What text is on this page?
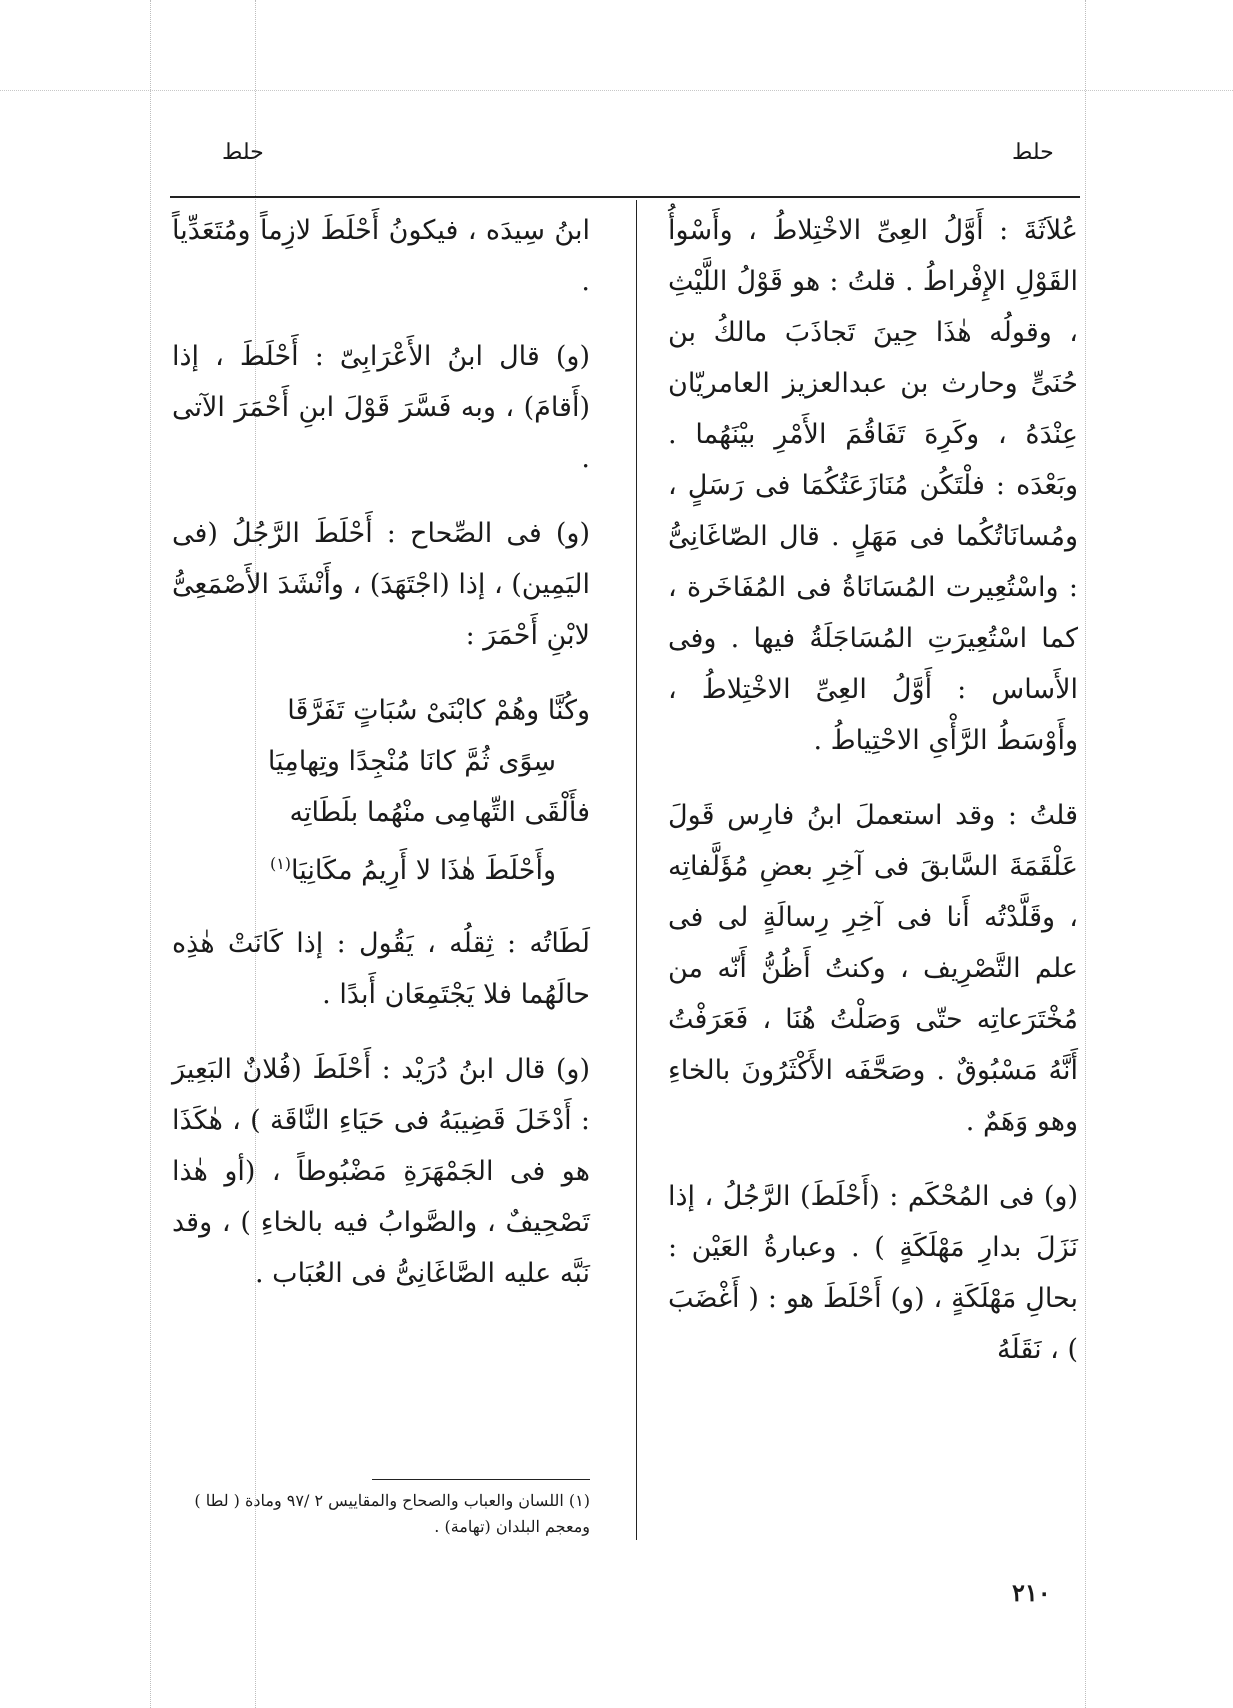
حلط	حلط

عُلاَثَةَ : أَوَّلُ العِىِّ الاخْتِلاطُ ، وأَسْوأُ القَوْلِ الإِفْراطُ . قلتُ : هو قَوْلُ اللَّيْثِ ، وقولُه هٰذَا حِينَ تَجاذَبَ مالكُ بن حُنَىٍّ وحارث بن عبدالعزيز العامريّان عِنْدَهُ ، وكَرِهَ تَفَاقُمَ الأَمْرِ بيْنَهُما . وبَعْدَه : فلْتَكُن مُنَازَعَتُكُمَا فى رَسَلٍ ، ومُسانَاتُكُما فى مَهَلٍ . قال الصّاغَانِىُّ : واسْتُعِيرت المُسَانَاةُ فى المُفَاخَرة ، كما اسْتُعِيرَتِ المُسَاجَلَةُ فيها . وفى الأَساس : أَوَّلُ العِىِّ الاخْتِلاطُ ، وأَوْسَطُ الرَّأْىِ الاحْتِياطُ .

قلتُ : وقد استعملَ ابنُ فارِس قَولَ عَلْقَمَةَ السَّابقَ فى آخِرِ بعضِ مُؤَلَّفاتِه ، وقَلَّدْتُه أَنا فى آخِرِ رِسالَةٍ لى فى علم التَّصْرِيف ، وكنتُ أَظُنُّ أَنّه من مُخْتَرَعاتِه حتّى وَصَلْتُ هُنَا ، فَعَرَفْتُ أَنَّهُ مَسْبُوقٌ . وصَحَّفَه الأَكْثَرُونَ بالخاءِ وهو وَهَمٌ .

(و) فى المُحْكَم : (أَحْلَطَ) الرَّجُلُ ، إذا نَزَلَ بدارِ مَهْلَكَةٍ ) . وعبارةُ العَيْن : بحالِ مَهْلَكَةٍ ، (و) أَحْلَطَ هو : ( أَغْضَبَ ) ، نَقَلَهُ

ابنُ سِيدَه ، فيكونُ أَحْلَطَ لازِماً ومُتَعَدِّياً .

(و) قال ابنُ الأَعْرَابِىّ : أَحْلَطَ ، إذا (أَقامَ) ، وبه فَسَّرَ قَوْلَ ابنِ أَحْمَرَ الآتى .

(و) فى الصِّحاح : أَحْلَطَ الرَّجُلُ (فى اليَمِين) ، إذا (اجْتَهَدَ) ، وأَنْشَدَ الأَصْمَعِىُّ لابْنِ أَحْمَرَ :

وكُنَّا وهُمْ كابْنَىْ سُبَاتٍ تَفَرَّقَا
سِوًى ثُمَّ كانَا مُنْجِدًا وتِهامِيَا
فأَلْقَى التِّهامِى منْهُما بلَطَاتِه
وأَحْلَطَ هٰذَا لا أَرِيمُ مكَانِيَا$^{(١)}$

لَطَاتُه : ثِقلُه ، يَقُول : إذا كَانَتْ هٰذِه حالَهُما فلا يَجْتَمِعَان أَبدًا .

(و) قال ابنُ دُرَيْد : أَحْلَطَ (فُلانٌ البَعِيرَ : أَدْخَلَ قَضِيبَهُ فى حَيَاءِ النَّاقَة ) ، هٰكَذَا هو فى الجَمْهَرَةِ مَضْبُوطاً ، (أو هٰذا تَصْحِيفٌ ، والصَّوابُ فيه بالخاءِ ) ، وقد نَبَّه عليه الصَّاغَانِىُّ فى العُبَاب .

(١) اللسان والعباب والصحاح والمقاييس ٢ /٩٧ ومادة ( لطا ) ومعجم البلدان (تهامة) .
٢١٠
